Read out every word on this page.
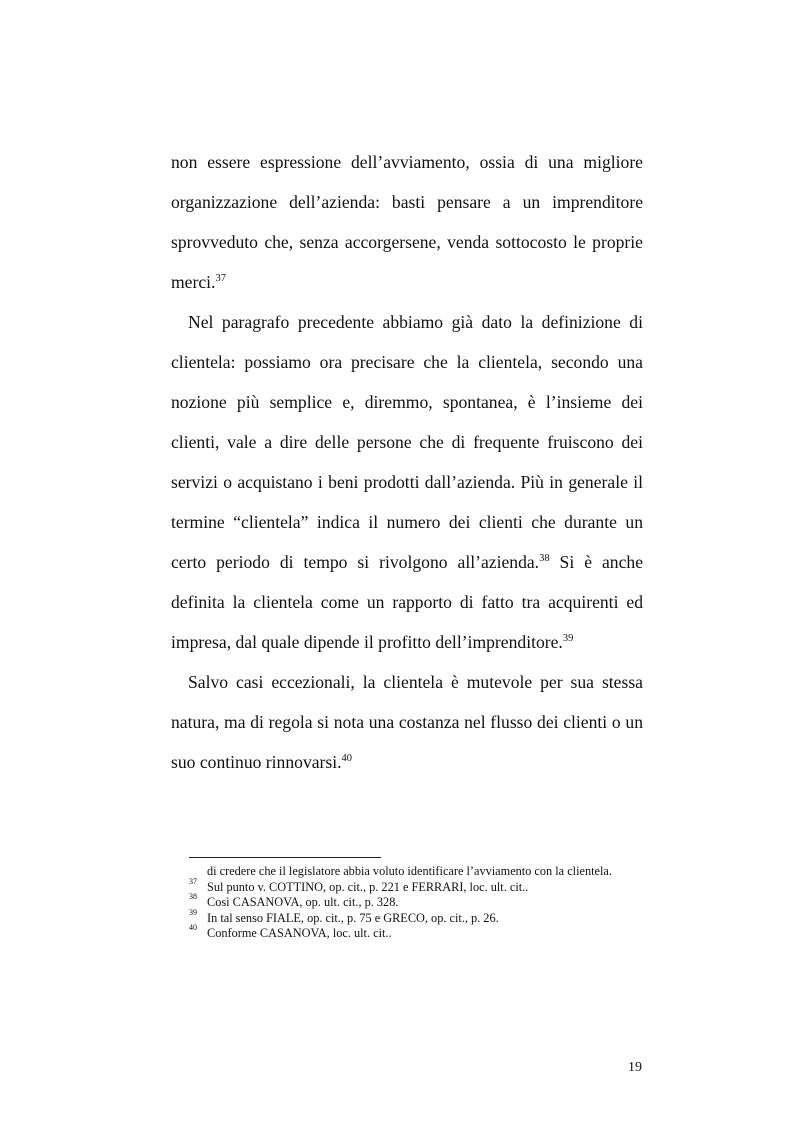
non essere espressione dell’avviamento, ossia di una migliore organizzazione dell’azienda: basti pensare a un imprenditore sprovveduto che, senza accorgersene, venda sottocosto le proprie merci.$^{37}$

Nel paragrafo precedente abbiamo già dato la definizione di clientela: possiamo ora precisare che la clientela, secondo una nozione più semplice e, diremmo, spontanea, è l’insieme dei clienti, vale a dire delle persone che di frequente fruiscono dei servizi o acquistano i beni prodotti dall’azienda. Più in generale il termine “clientela” indica il numero dei clienti che durante un certo periodo di tempo si rivolgono all’azienda.$^{38}$ Si è anche definita la clientela come un rapporto di fatto tra acquirenti ed impresa, dal quale dipende il profitto dell’imprenditore.$^{39}$

Salvo casi eccezionali, la clientela è mutevole per sua stessa natura, ma di regola si nota una costanza nel flusso dei clienti o un suo continuo rinnovarsi.$^{40}$

di credere che il legislatore abbia voluto identificare l’avviamento con la clientela.
37 Sul punto v. COTTINO, op. cit., p. 221 e FERRARI, loc. ult. cit..
38 Così CASANOVA, op. ult. cit., p. 328.
39 In tal senso FIALE, op. cit., p. 75 e GRECO, op. cit., p. 26.
40 Conforme CASANOVA, loc. ult. cit..
19
